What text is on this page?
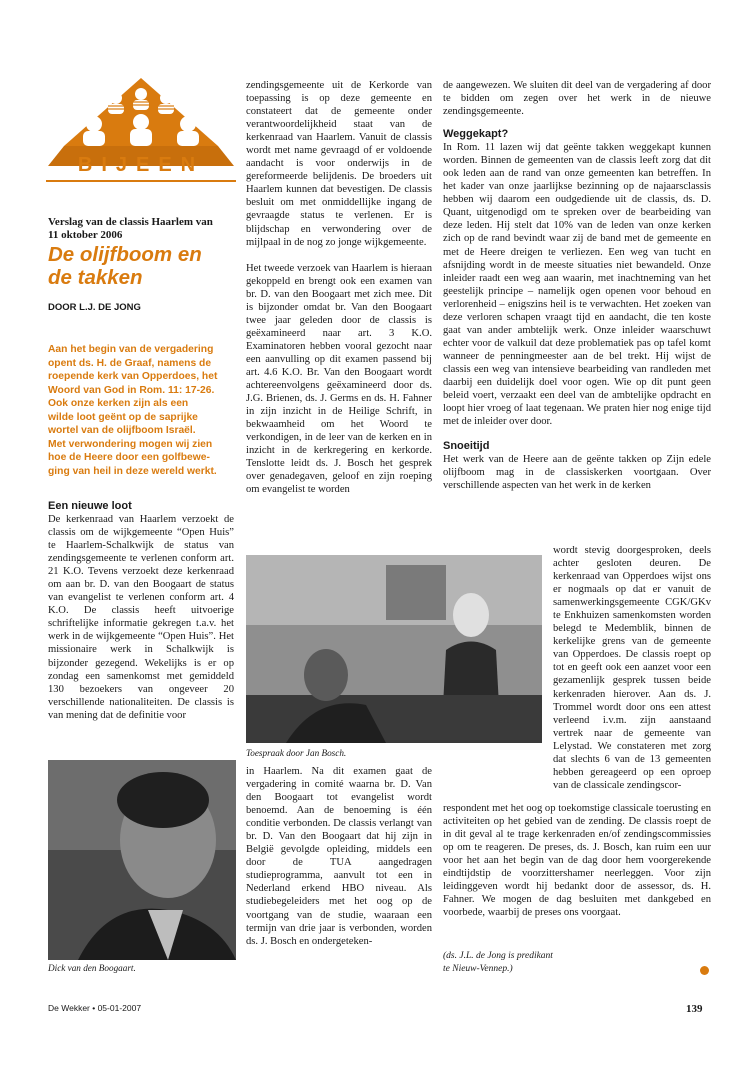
BIJEEN
Verslag van de classis Haarlem van
11 oktober 2006
De olijfboom en
de takken
DOOR L.J. DE JONG
Aan het begin van de vergadering
opent ds. H. de Graaf, namens de
roepende kerk van Opperdoes, het
Woord van God in Rom. 11: 17-26.
Ook onze kerken zijn als een
wilde loot geënt op de saprijke
wortel van de olijfboom Israël.
Met verwondering mogen wij zien
hoe de Heere door een golfbewe-
ging van heil in deze wereld werkt.
Een nieuwe loot

De kerkenraad van Haarlem verzoekt de classis om de wijkgemeente “Open Huis” te Haarlem-Schalkwijk de status van zendingsgemeente te verlenen conform art. 21 K.O. Tevens verzoekt deze kerkenraad om aan br. D. van den Boogaart de status van evangelist te verlenen conform art. 4 K.O. De classis heeft uitvoerige schriftelijke informatie gekregen t.a.v. het werk in de wijkgemeente “Open Huis”. Het missionaire werk in Schalkwijk is bijzonder gezegend. Wekelijks is er op zondag een samenkomst met gemiddeld 130 bezoekers van ongeveer 20 verschillende nationaliteiten. De classis is van mening dat de definitie voor

Dick van den Boogaart.

zendingsgemeente uit de Kerkorde van toepassing is op deze gemeente en constateert dat de gemeente onder verantwoordelijkheid staat van de kerkenraad van Haarlem. Vanuit de classis wordt met name gevraagd of er voldoende aandacht is voor onderwijs in de gereformeerde belijdenis. De broeders uit Haarlem kunnen dat bevestigen. De classis besluit om met onmiddellijke ingang de gevraagde status te verlenen. Er is blijdschap en verwondering over de mijlpaal in de nog zo jonge wijkgemeente.

Het tweede verzoek van Haarlem is hieraan gekoppeld en brengt ook een examen van br. D. van den Boogaart met zich mee. Dit is bijzonder omdat br. Van den Boogaart twee jaar geleden door de classis is geëxamineerd naar art. 3 K.O. Examinatoren hebben vooral gezocht naar een aanvulling op dit examen passend bij art. 4.6 K.O. Br. Van den Boogaart wordt achtereenvolgens geëxamineerd door ds. J.G. Brienen, ds. J. Germs en ds. H. Fahner in zijn inzicht in de Heilige Schrift, in bekwaamheid om het Woord te verkondigen, in de leer van de kerken en in inzicht in de kerkregering en kerkorde. Tenslotte leidt ds. J. Bosch het gesprek over genadegaven, geloof en zijn roeping om evangelist te worden

Toespraak door Jan Bosch.

in Haarlem. Na dit examen gaat de vergadering in comité waarna br. D. Van den Boogaart tot evangelist wordt benoemd. Aan de benoeming is één conditie verbonden. De classis verlangt van br. D. Van den Boogaart dat hij zijn in België gevolgde opleiding, middels een door de TUA aangedragen studieprogramma, aanvult tot een in Nederland erkend HBO niveau. Als studiebegeleiders met het oog op de voortgang van de studie, waaraan een termijn van drie jaar is verbonden, worden ds. J. Bosch en ondergeteken-

de aangewezen. We sluiten dit deel van de vergadering af door te bidden om zegen over het werk in de nieuwe zendingsgemeente.

Weggekapt?

In Rom. 11 lazen wij dat geënte takken weggekapt kunnen worden. Binnen de gemeenten van de classis leeft zorg dat dit ook leden aan de rand van onze gemeenten kan betreffen. In het kader van onze jaarlijkse bezinning op de najaarsclassis hebben wij daarom een oudgediende uit de classis, ds. D. Quant, uitgenodigd om te spreken over de bearbeiding van deze leden. Hij stelt dat 10% van de leden van onze kerken zich op de rand bevindt waar zij de band met de gemeente en met de Heere dreigen te verliezen. Een weg van tucht en afsnijding wordt in de meeste situaties niet bewandeld. Onze inleider raadt een weg aan waarin, met inachtneming van het geestelijk principe – namelijk ogen openen voor behoud en verlorenheid – enigszins heil is te verwachten. Het zoeken van deze verloren schapen vraagt tijd en aandacht, die ten koste gaat van ander ambtelijk werk. Onze inleider waarschuwt echter voor de valkuil dat deze problematiek pas op tafel komt wanneer de penningmeester aan de bel trekt. Hij wijst de classis een weg van intensieve bearbeiding van randleden met daarbij een duidelijk doel voor ogen. Wie op dit punt geen beleid voert, verzaakt een deel van de ambtelijke opdracht en loopt hier vroeg of laat tegenaan. We praten hier nog enige tijd met de inleider over door.

Snoeitijd

Het werk van de Heere aan de geënte takken op Zijn edele olijfboom mag in de classiskerken voortgaan. Over verschillende aspecten van het werk in de kerken

wordt stevig doorgesproken, deels achter gesloten deuren. De kerkenraad van Opperdoes wijst ons er nogmaals op dat er vanuit de samenwerkingsgemeente CGK/GKv te Enkhuizen samenkomsten worden belegd te Medemblik, binnen de kerkelijke grens van de gemeente van Opperdoes. De classis roept op tot en geeft ook een aanzet voor een gezamenlijk gesprek tussen beide kerkenraden hierover. Aan ds. J. Trommel wordt door ons een attest verleend i.v.m. zijn aanstaand vertrek naar de gemeente van Lelystad. We constateren met zorg dat slechts 6 van de 13 gemeenten hebben gereageerd op een oproep van de classicale zendingscor-

respondent met het oog op toekomstige classicale toerusting en activiteiten op het gebied van de zending. De classis roept de in dit geval al te trage kerkenraden en/of zendingscommissies op om te reageren. De preses, ds. J. Bosch, kan ruim een uur voor het aan het begin van de dag door hem voorgerekende eindtijdstip de voorzittershamer neerleggen. Voor zijn leidinggeven wordt hij bedankt door de assessor, ds. H. Fahner. We mogen de dag besluiten met dankgebed en voorbede, waarbij de preses ons voorgaat.

(ds. J.L. de Jong is predikant
te Nieuw-Vennep.)
De Wekker • 05-01-2007	139
